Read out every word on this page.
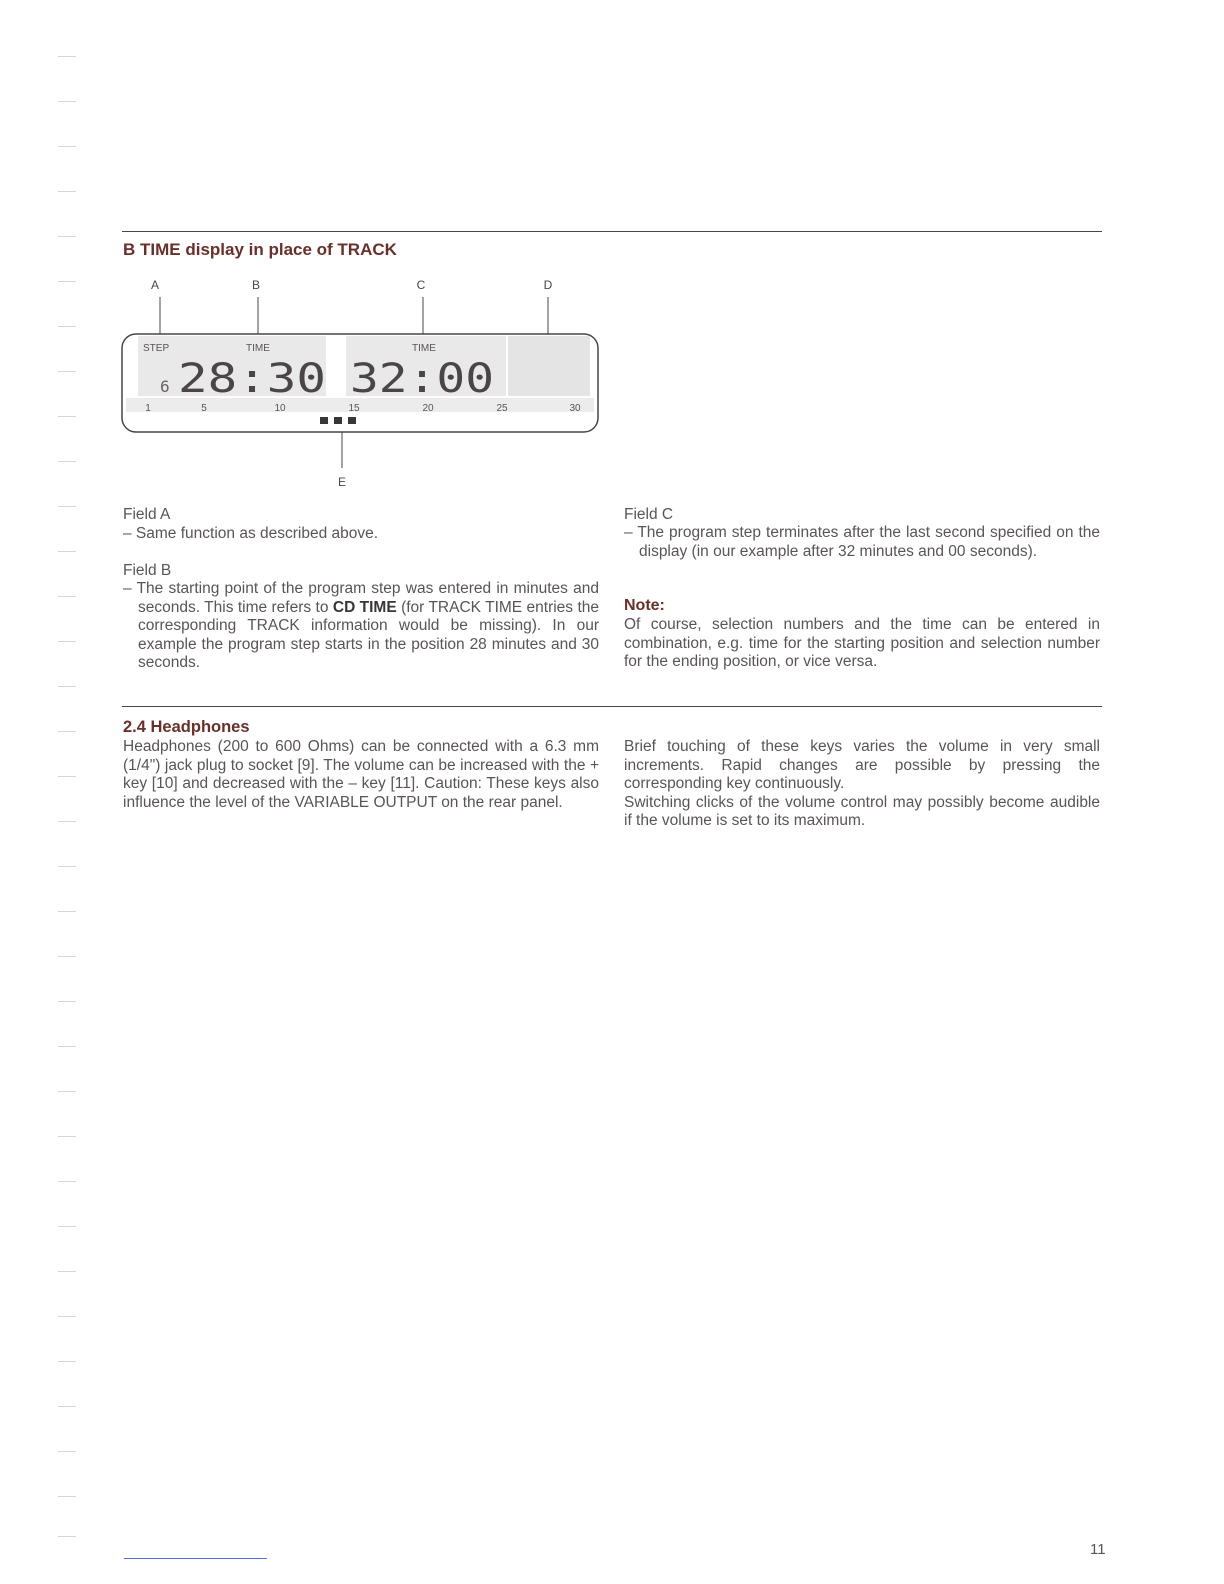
B TIME display in place of TRACK
A	B	C	D
E
STEP	TIME	TIME
6 28:30 32:00
1	5	10	15	20	25	30
Field A

– Same function as described above.

Field B

– The starting point of the program step was entered in minutes and seconds. This time refers to CD TIME (for TRACK TIME entries the corresponding TRACK information would be missing). In our example the program step starts in the position 28 minutes and 30 seconds.

Field C

– The program step terminates after the last second specified on the display (in our example after 32 minutes and 00 seconds).

Note:

Of course, selection numbers and the time can be entered in combination, e.g. time for the starting position and selection number for the ending position, or vice versa.

2.4 Headphones

Headphones (200 to 600 Ohms) can be connected with a 6.3 mm (1/4") jack plug to socket [9]. The volume can be increased with the + key [10] and decreased with the – key [11]. Caution: These keys also influence the level of the VARIABLE OUTPUT on the rear panel.

Brief touching of these keys varies the volume in very small increments. Rapid changes are possible by pressing the corresponding key continuously.

Switching clicks of the volume control may possibly become audible if the volume is set to its maximum.

11
